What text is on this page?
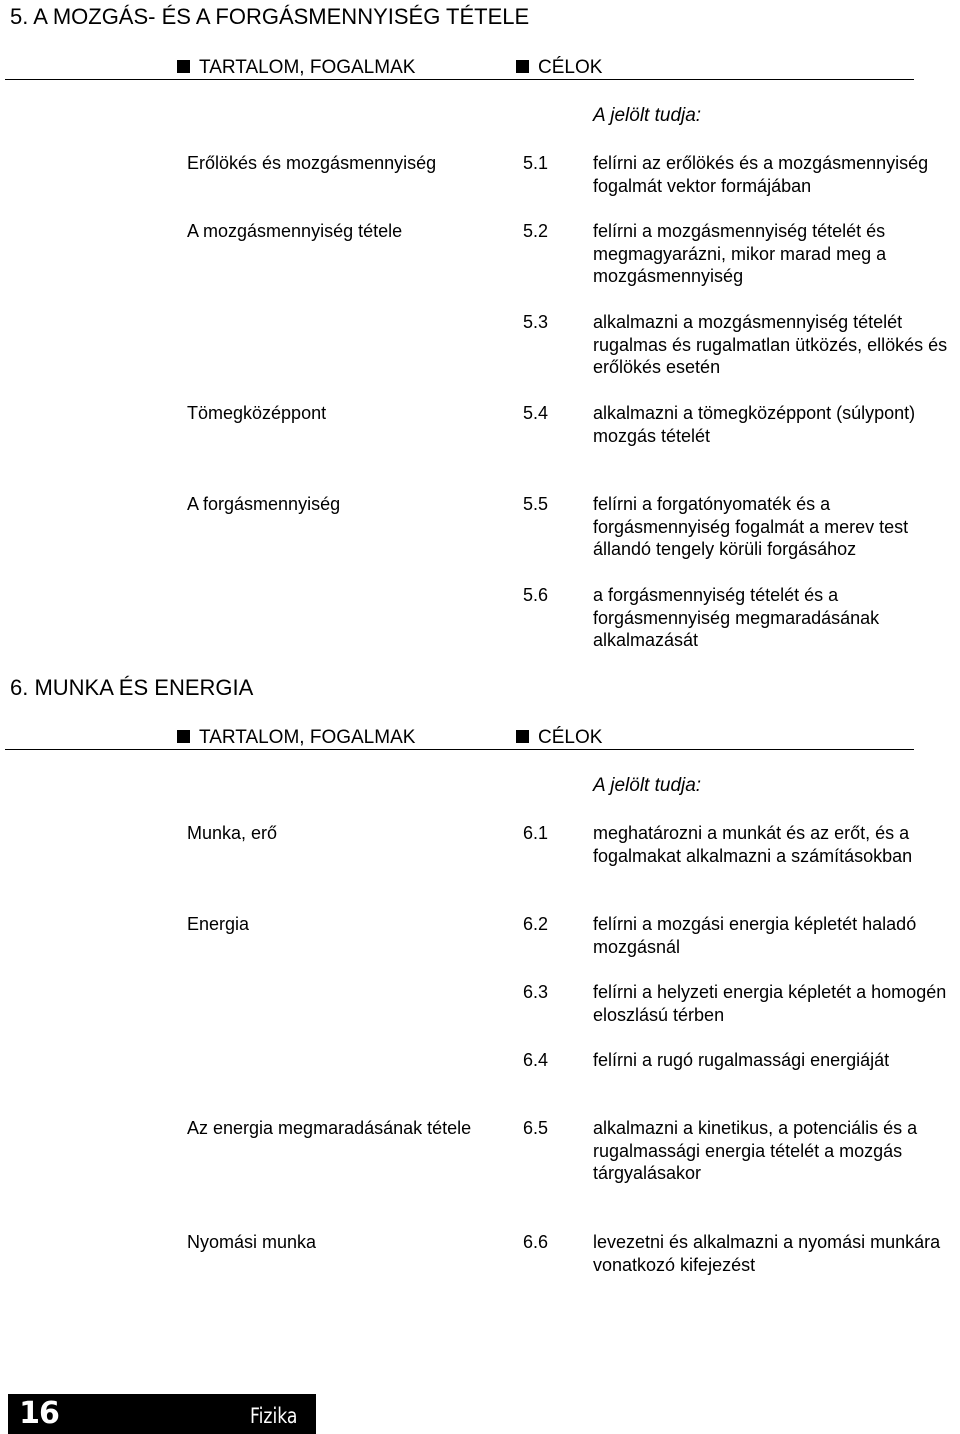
5. A MOZGÁS- ÉS A FORGÁSMENNYISÉG TÉTELE
TARTALOM, FOGALMAK	CÉLOK
A jelölt tudja:
Erőlökés és mozgásmennyiség	5.1 felírni az erőlökés és a mozgásmennyiség fogalmát vektor formájában
A mozgásmennyiség tétele	5.2 felírni a mozgásmennyiség tételét és megmagyarázni, mikor marad meg a mozgásmennyiség
5.3 alkalmazni a mozgásmennyiség tételét rugalmas és rugalmatlan ütközés, ellökés és erőlökés esetén
Tömegközéppont	5.4 alkalmazni a tömegközéppont (súlypont) mozgás tételét
A forgásmennyiség	5.5 felírni a forgatónyomaték és a forgásmennyiség fogalmát a merev test állandó tengely körüli forgásához
5.6 a forgásmennyiség tételét és a forgásmennyiség megmaradásának alkalmazását
6. MUNKA ÉS ENERGIA
TARTALOM, FOGALMAK	CÉLOK
A jelölt tudja:
Munka, erő	6.1 meghatározni a munkát és az erőt, és a fogalmakat alkalmazni a számításokban
Energia	6.2 felírni a mozgási energia képletét haladó mozgásnál
6.3 felírni a helyzeti energia képletét a homogén eloszlású térben
6.4 felírni a rugó rugalmassági energiáját
Az energia megmaradásának tétele	6.5 alkalmazni a kinetikus, a potenciális és a rugalmassági energia tételét a mozgás tárgyalásakor
Nyomási munka	6.6 levezetni és alkalmazni a nyomási munkára vonatkozó kifejezést
16	Fizika
